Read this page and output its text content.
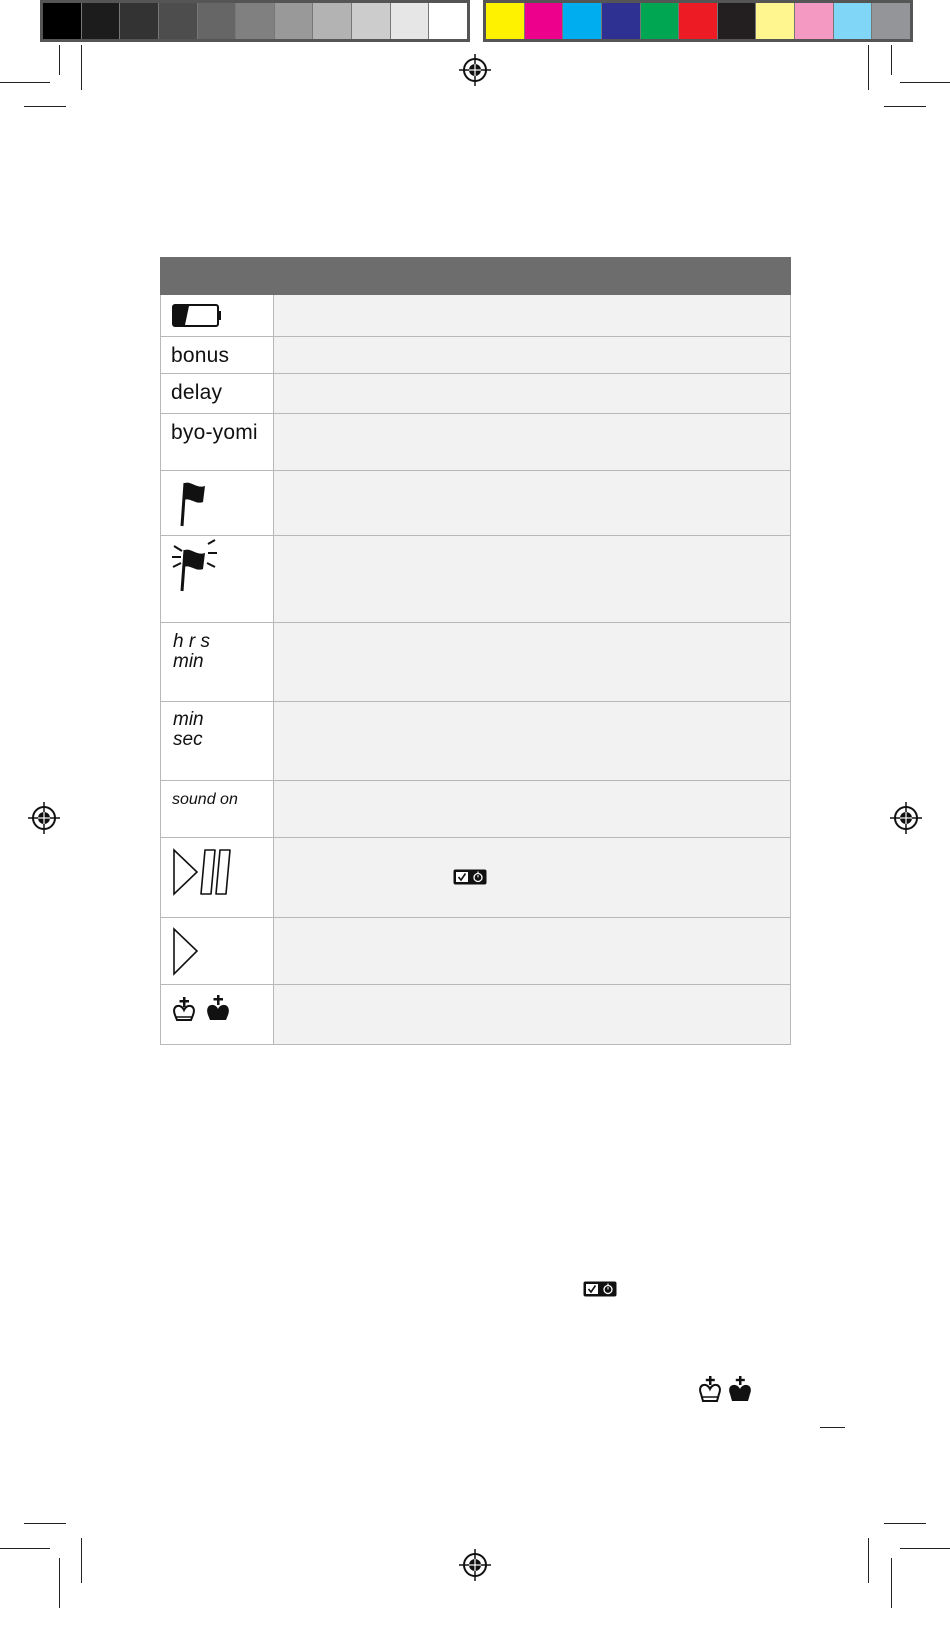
bonus	

delay	

byo-yomi	

h r s
min	

min
sec	

sound on	
